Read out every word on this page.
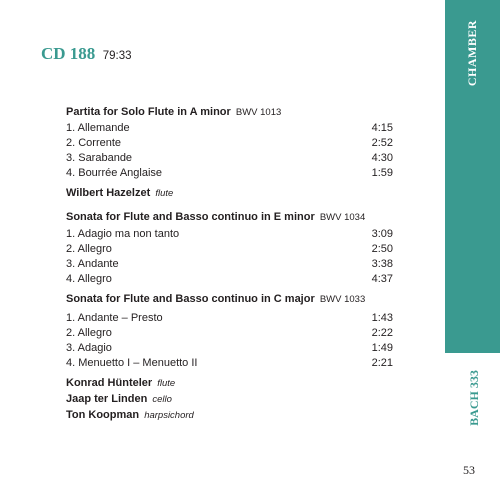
CD 188 79:33
Partita for Solo Flute in A minor BWV 1013
1. Allemande	4:15
2. Corrente	2:52
3. Sarabande	4:30
4. Bourrée Anglaise	1:59
Wilbert Hazelzet flute
Sonata for Flute and Basso continuo in E minor BWV 1034
1. Adagio ma non tanto	3:09
2. Allegro	2:50
3. Andante	3:38
4. Allegro	4:37
Sonata for Flute and Basso continuo in C major BWV 1033
1. Andante – Presto	1:43
2. Allegro	2:22
3. Adagio	1:49
4. Menuetto I – Menuetto II	2:21
Konrad Hünteler flute
Jaap ter Linden cello
Ton Koopman harpsichord
CHAMBER
BACH 333
53
